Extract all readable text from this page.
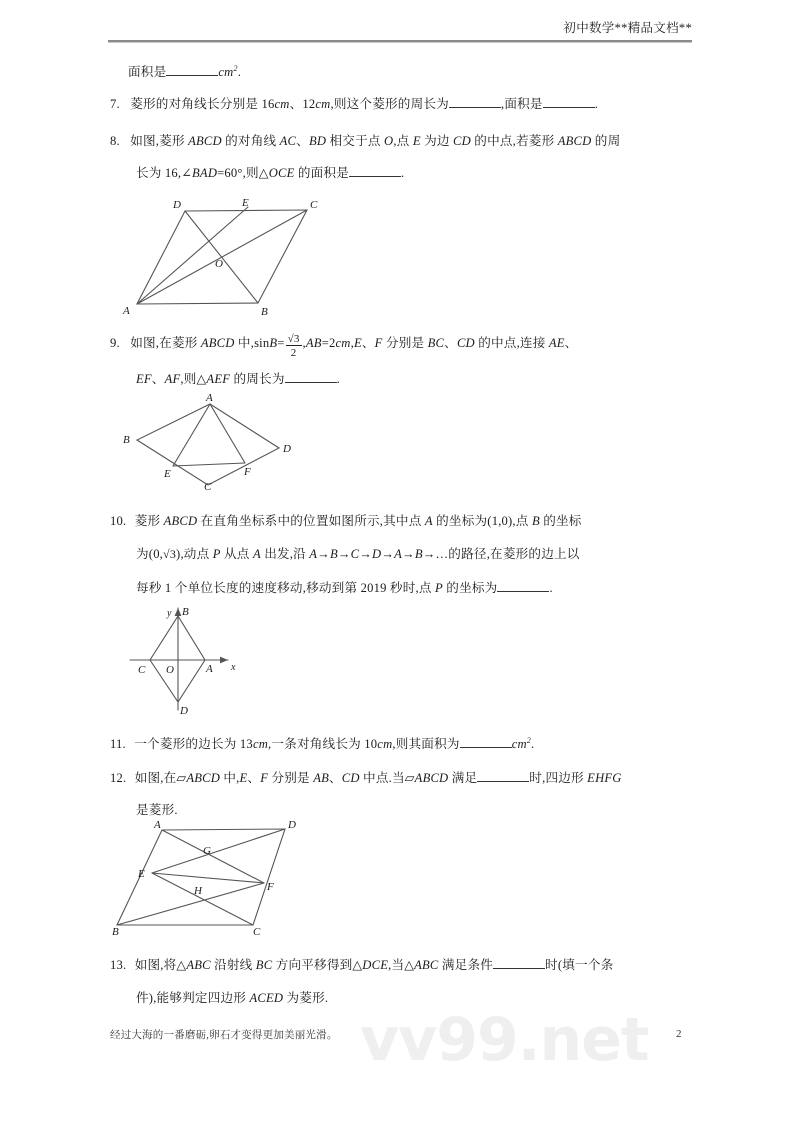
初中数学**精品文档**
面积是	$cm^2$.
7. 菱形的对角线长分别是 16cm、12cm,则这个菱形的周长为	,面积是	.
8. 如图,菱形 ABCD 的对角线 AC、BD 相交于点 O,点 E 为边 CD 的中点,若菱形 ABCD 的周
长为 16,∠BAD=60°,则△OCE 的面积是	.
A	B
C
D	E
O
9. 如图,在菱形 ABCD 中$,\sin B= \frac{√3}{2} ,AB=2cm,E$、F 分别是 BC、CD 的中点,连接 AE、
EF、AF,则△AEF 的周长为	.
A
B
C
D
E	F
10. 菱形 ABCD 在直角坐标系中的位置如图所示,其中点 A 的坐标为(1,0),点 B 的坐标
为(0,√3),动点 P 从点 A 出发,沿 A→B→C→D→A→B→…的路径,在菱形的边上以
每秒 1 个单位长度的速度移动,移动到第 2019 秒时,点 P 的坐标为	.
y
x
B
A
C
D
O
11. 一个菱形的边长为 13cm,一条对角线长为 10cm,则其面积为	$cm^2$.
12. 如图,在▱ABCD 中,E、F 分别是 AB、CD 中点.当▱ABCD 满足	时,四边形 EHFG
是菱形.
A	D
B	C
E
F
G
H
13. 如图,将△ABC 沿射线 BC 方向平移得到△DCE,当△ABC 满足条件	时(填一个条
件),能够判定四边形 ACED 为菱形.
vv99.net
经过大海的一番磨砺,卵石才变得更加美丽光滑。	2
